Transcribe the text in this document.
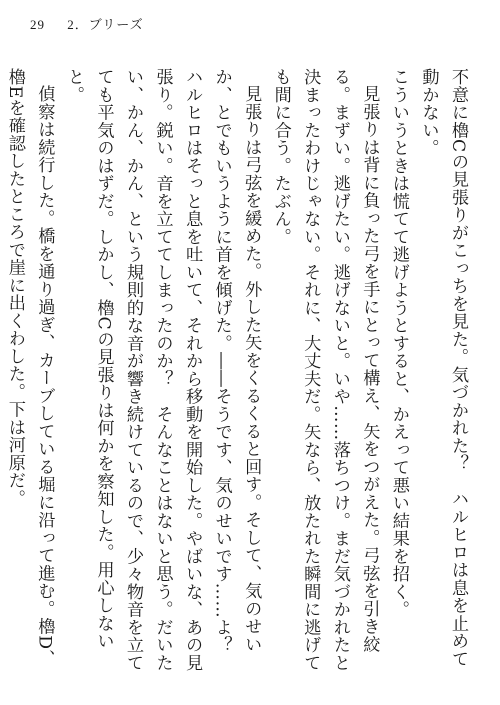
29 2．ブリーズ

不意に櫓Cの見張りがこっちを見た。気づかれた？　ハルヒロは息を止めて動かない。

こういうときは慌てて逃げようとすると、かえって悪い結果を招く。

見張りは背に負った弓を手にとって構え、矢をつがえた。弓弦を引き絞る。まずい。逃げたい。逃げないと。いや……落ちつけ。まだ気づかれたと決まったわけじゃない。それに、大丈夫だ。矢なら、放たれた瞬間に逃げても間に合う。たぶん。

見張りは弓弦を緩めた。外した矢をくるくると回す。そして、気のせいか、とでもいうように首を傾げた。――そうです、気のせいです……よ？

ハルヒロはそっと息を吐いて、それから移動を開始した。やばいな、あの見張り。鋭い。音を立ててしまったのか？　そんなことはないと思う。だいたい、かん、かん、という規則的な音が響き続けているので、少々物音を立てても平気のはずだ。しかし、櫓Cの見張りは何かを察知した。用心しないと。

偵察は続行した。橋を通り過ぎ、カーブしている堀に沿って進む。櫓D、櫓Eを確認したところで崖に出くわした。下は河原だ。
